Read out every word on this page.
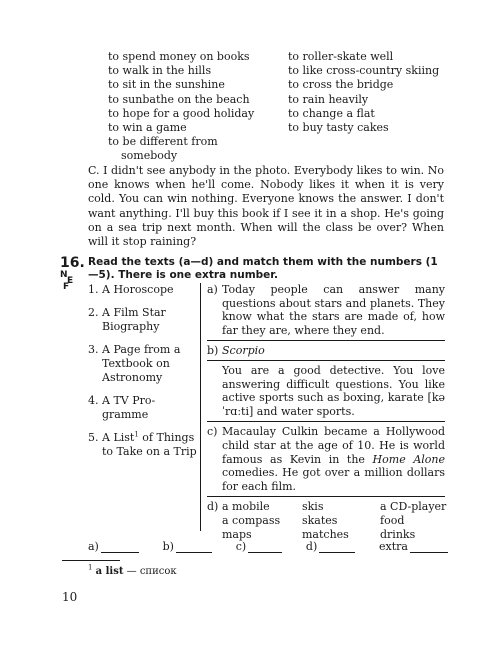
to spend money on books
to walk in the hills
to sit in the sunshine
to sunbathe on the beach
to hope for a good holiday
to win a game
to be different from
somebody
to roller-skate well
to like cross-country skiing
to cross the bridge
to rain heavily
to change a flat
to buy tasty cakes
C. I didn't see anybody in the photo. Everybody likes to win. No one knows when he'll come. Nobody likes it when it is very cold. You can win nothing. Everyone knows the answer. I don't want anything. I'll buy this book if I see it in a shop. He's going on a sea trip next month. When will the class be over? When will it stop raining?
16. Read the texts (a—d) and match them with the numbers (1—5). There is one extra number.
N
E
F 1. A Horoscope
2. A Film Star Biography
3. A Page from a Textbook on Astronomy
4. A TV Pro-gramme
5. A List$^1$ of Things to Take on a Trip
a) Today people can answer many questions about stars and planets. They know what the stars are made of, how far they are, where they end.
b) Scorpio
You are a good detective. You love answering difficult questions. You like active sports such as boxing, karate [kəˈrɑːti] and water sports.
c) Macaulay Culkin became a Hollywood child star at the age of 10. He is world famous as Kevin in the Home Alone comedies. He got over a million dollars for each film.
d) a mobile	skis	a CD-player
a compass	skates	food
maps	matches	drinks
a)	b)	c)	d)	extra
$^1$ a list — список
10
